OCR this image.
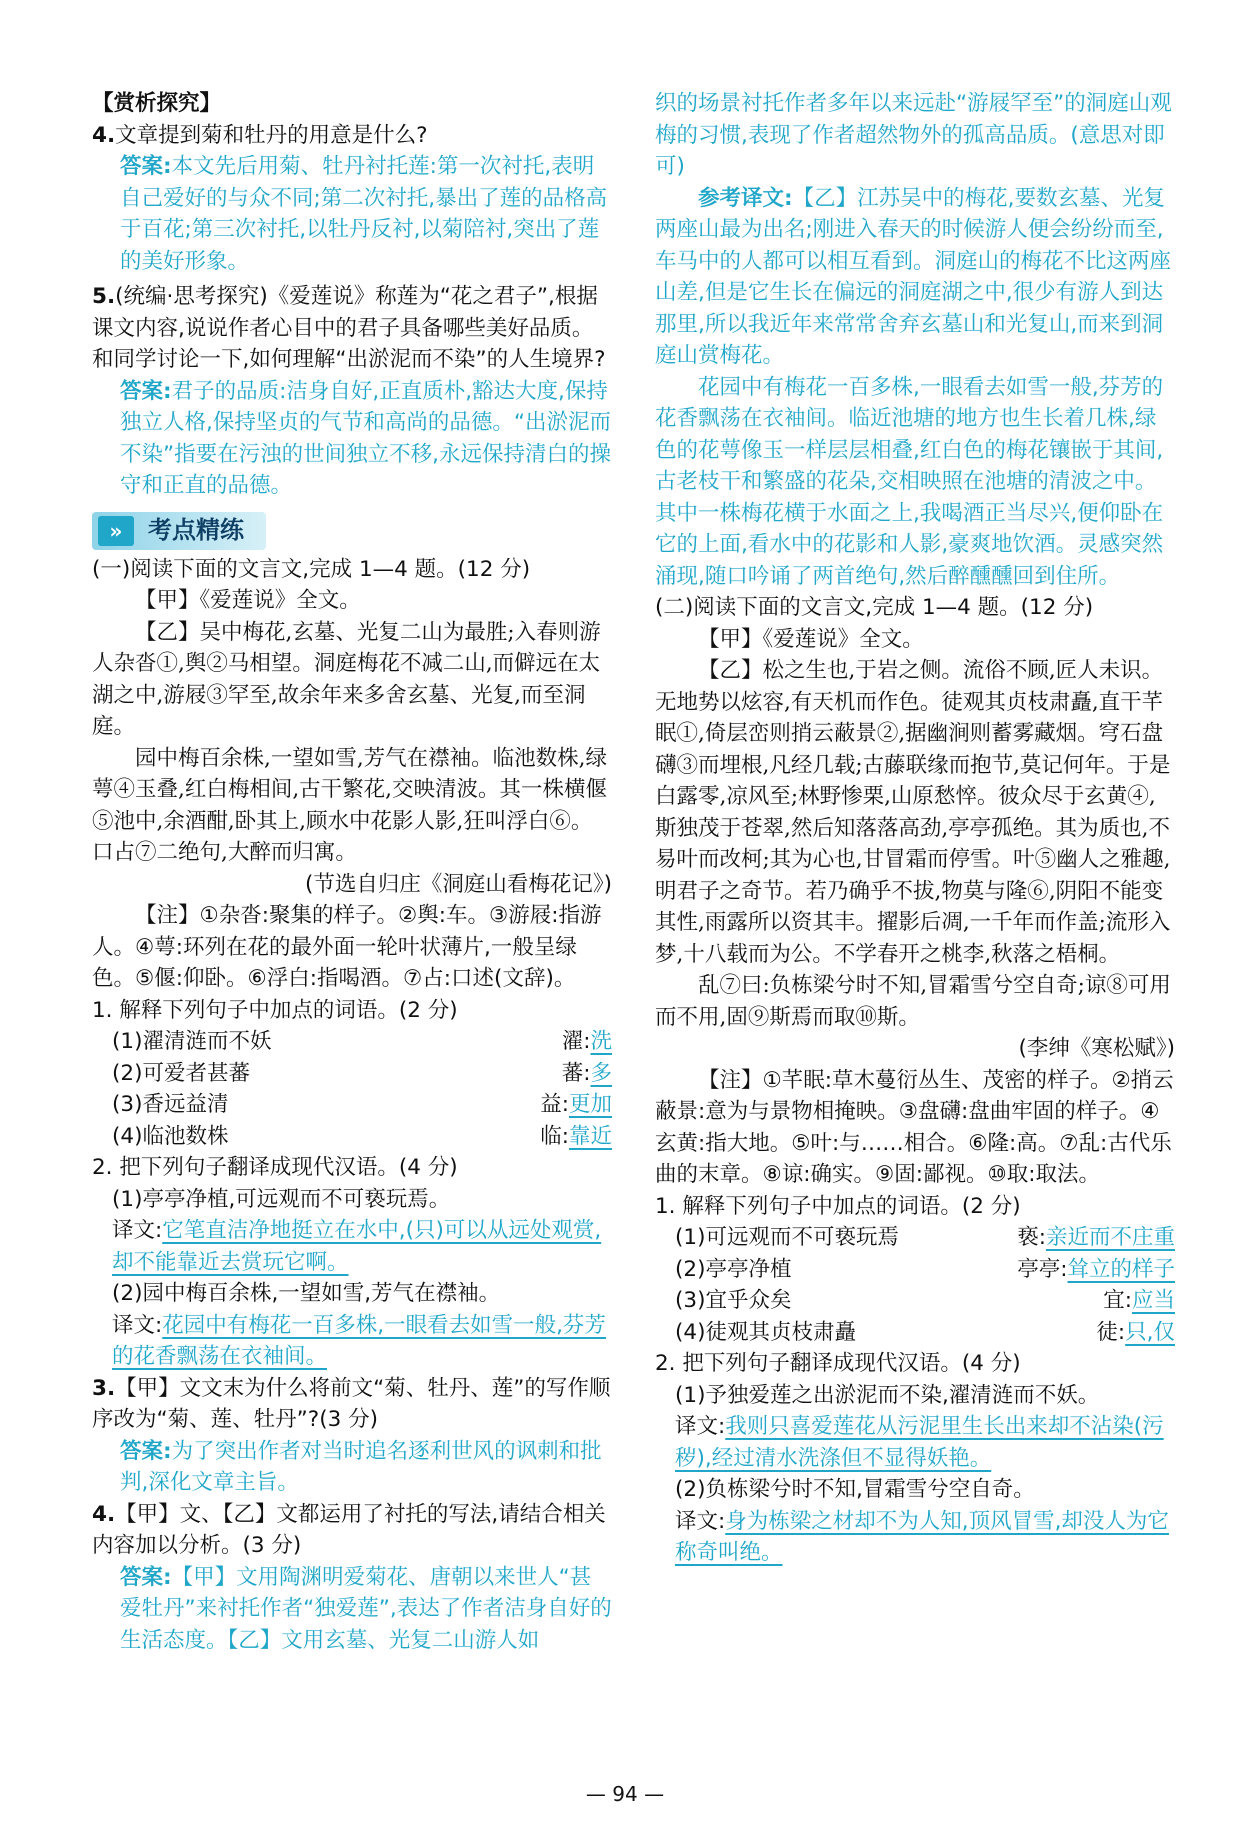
【赏析探究】

4.文章提到菊和牡丹的用意是什么?

答案:本文先后用菊、牡丹衬托莲:第一次衬托,表明自己爱好的与众不同;第二次衬托,暴出了莲的品格高于百花;第三次衬托,以牡丹反衬,以菊陪衬,突出了莲的美好形象。

5.(统编·思考探究)《爱莲说》称莲为“花之君子”,根据课文内容,说说作者心目中的君子具备哪些美好品质。和同学讨论一下,如何理解“出淤泥而不染”的人生境界?

答案:君子的品质:洁身自好,正直质朴,豁达大度,保持独立人格,保持坚贞的气节和高尚的品德。“出淤泥而不染”指要在污浊的世间独立不移,永远保持清白的操守和正直的品德。

»	考点精练

(一)阅读下面的文言文,完成 1—4 题。(12 分)

【甲】《爱莲说》全文。

【乙】吴中梅花,玄墓、光复二山为最胜;入春则游人杂沓①,舆②马相望。洞庭梅花不减二山,而僻远在太湖之中,游屐③罕至,故余年来多舍玄墓、光复,而至洞庭。

园中梅百余株,一望如雪,芳气在襟袖。临池数株,绿萼④玉叠,红白梅相间,古干繁花,交映清波。其一株横偃⑤池中,余酒酣,卧其上,顾水中花影人影,狂叫浮白⑥。口占⑦二绝句,大醉而归寓。

(节选自归庄《洞庭山看梅花记》)

【注】①杂沓:聚集的样子。②舆:车。③游屐:指游人。④萼:环列在花的最外面一轮叶状薄片,一般呈绿色。⑤偃:仰卧。⑥浮白:指喝酒。⑦占:口述(文辞)。

1. 解释下列句子中加点的词语。(2 分)

(1)濯清涟而不妖	濯:洗
(2)可爱者甚蕃	蕃:多
(3)香远益清	益:更加
(4)临池数株	临:靠近

2. 把下列句子翻译成现代汉语。(4 分)

(1)亭亭净植,可远观而不可亵玩焉。

译文:它笔直洁净地挺立在水中,(只)可以从远处观赏,却不能靠近去赏玩它啊。

(2)园中梅百余株,一望如雪,芳气在襟袖。

译文:花园中有梅花一百多株,一眼看去如雪一般,芬芳的花香飘荡在衣袖间。

3.【甲】文文末为什么将前文“菊、牡丹、莲”的写作顺序改为“菊、莲、牡丹”?(3 分)

答案:为了突出作者对当时追名逐利世风的讽刺和批判,深化文章主旨。

4.【甲】文、【乙】文都运用了衬托的写法,请结合相关内容加以分析。(3 分)

答案:【甲】文用陶渊明爱菊花、唐朝以来世人“甚爱牡丹”来衬托作者“独爱莲”,表达了作者洁身自好的生活态度。【乙】文用玄墓、光复二山游人如

织的场景衬托作者多年以来远赴“游屐罕至”的洞庭山观梅的习惯,表现了作者超然物外的孤高品质。(意思对即可)

参考译文:【乙】江苏吴中的梅花,要数玄墓、光复两座山最为出名;刚进入春天的时候游人便会纷纷而至,车马中的人都可以相互看到。洞庭山的梅花不比这两座山差,但是它生长在偏远的洞庭湖之中,很少有游人到达那里,所以我近年来常常舍弃玄墓山和光复山,而来到洞庭山赏梅花。

花园中有梅花一百多株,一眼看去如雪一般,芬芳的花香飘荡在衣袖间。临近池塘的地方也生长着几株,绿色的花萼像玉一样层层相叠,红白色的梅花镶嵌于其间,古老枝干和繁盛的花朵,交相映照在池塘的清波之中。其中一株梅花横于水面之上,我喝酒正当尽兴,便仰卧在它的上面,看水中的花影和人影,豪爽地饮酒。灵感突然涌现,随口吟诵了两首绝句,然后醉醺醺回到住所。

(二)阅读下面的文言文,完成 1—4 题。(12 分)

【甲】《爱莲说》全文。

【乙】松之生也,于岩之侧。流俗不顾,匠人未识。无地势以炫容,有天机而作色。徒观其贞枝肃矗,直干芊眠①,倚层峦则捎云蔽景②,据幽涧则蓄雾藏烟。穹石盘礴③而埋根,凡经几载;古藤联缘而抱节,莫记何年。于是白露零,凉风至;林野惨栗,山原愁悴。彼众尽于玄黄④,斯独茂于苍翠,然后知落落高劲,亭亭孤绝。其为质也,不易叶而改柯;其为心也,甘冒霜而停雪。叶⑤幽人之雅趣,明君子之奇节。若乃确乎不拔,物莫与隆⑥,阴阳不能变其性,雨露所以资其丰。擢影后凋,一千年而作盖;流形入梦,十八载而为公。不学春开之桃李,秋落之梧桐。

乱⑦曰:负栋梁兮时不知,冒霜雪兮空自奇;谅⑧可用而不用,固⑨斯焉而取⑩斯。

(李绅《寒松赋》)

【注】①芊眠:草木蔓衍丛生、茂密的样子。②捎云蔽景:意为与景物相掩映。③盘礴:盘曲牢固的样子。④玄黄:指大地。⑤叶:与……相合。⑥隆:高。⑦乱:古代乐曲的末章。⑧谅:确实。⑨固:鄙视。⑩取:取法。

1. 解释下列句子中加点的词语。(2 分)

(1)可远观而不可亵玩焉	亵:亲近而不庄重
(2)亭亭净植	亭亭:耸立的样子
(3)宜乎众矣	宜:应当
(4)徒观其贞枝肃矗	徒:只,仅

2. 把下列句子翻译成现代汉语。(4 分)

(1)予独爱莲之出淤泥而不染,濯清涟而不妖。

译文:我则只喜爱莲花从污泥里生长出来却不沾染(污秽),经过清水洗涤但不显得妖艳。

(2)负栋梁兮时不知,冒霜雪兮空自奇。

译文:身为栋梁之材却不为人知,顶风冒雪,却没人为它称奇叫绝。

— 94 —
